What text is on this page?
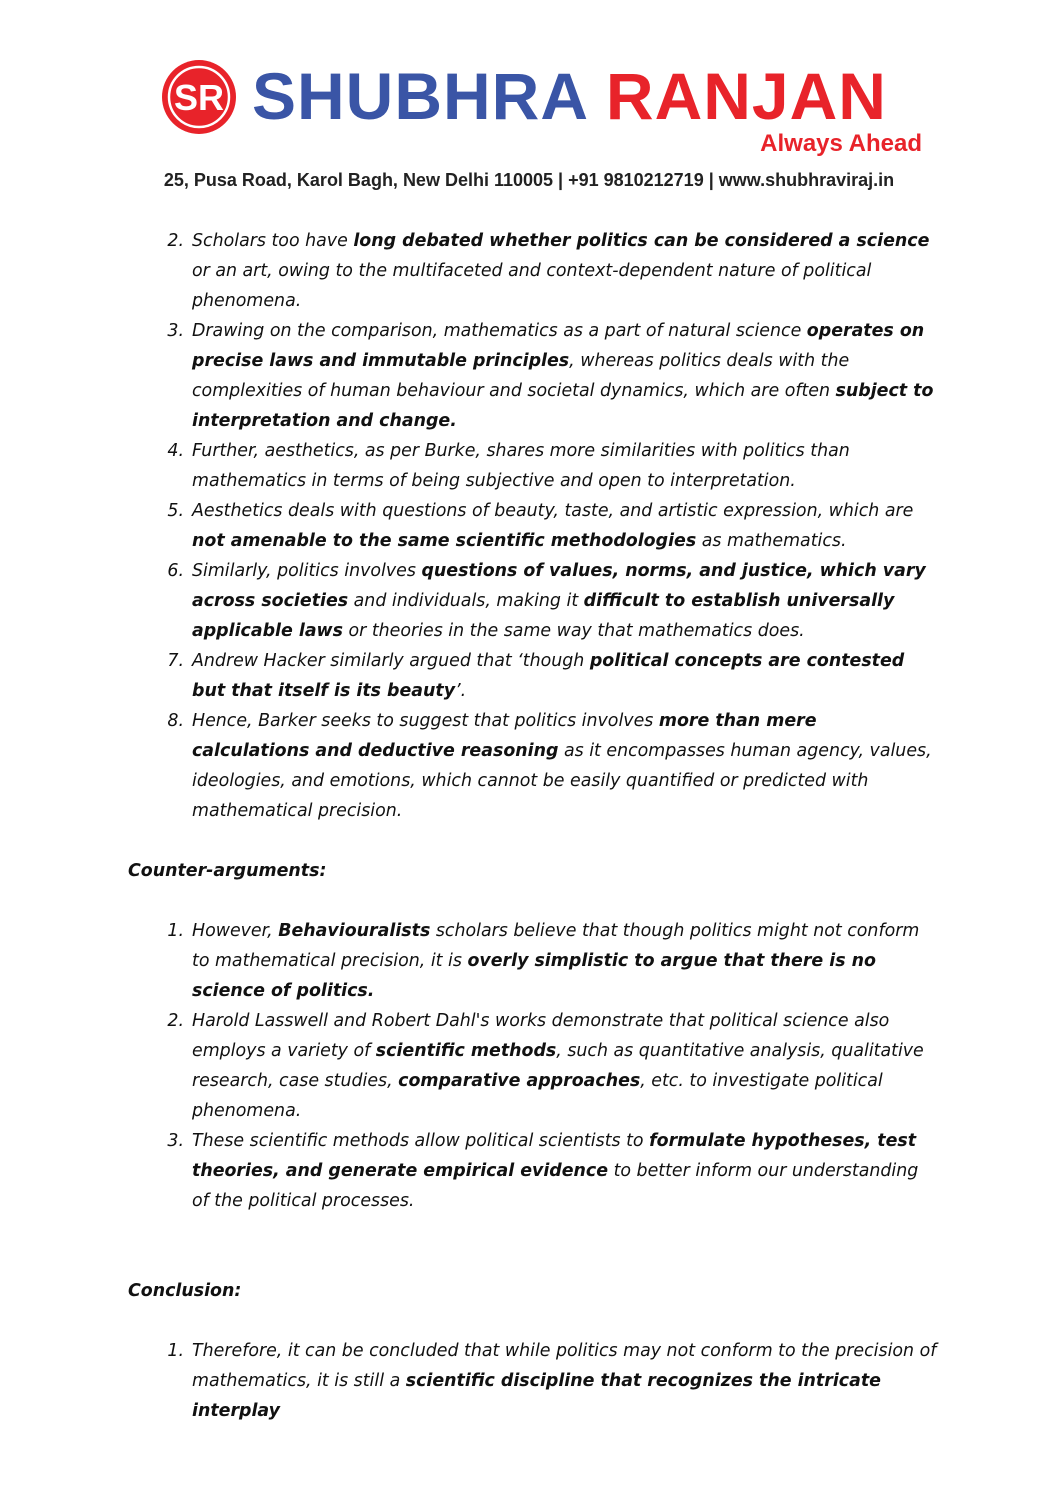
SR SHUBHRA RANJAN
Always Ahead
25, Pusa Road, Karol Bagh, New Delhi 110005 | +91 9810212719 | www.shubhraviraj.in
2. Scholars too have long debated whether politics can be considered a science or an art, owing to the multifaceted and context-dependent nature of political phenomena.
3. Drawing on the comparison, mathematics as a part of natural science operates on precise laws and immutable principles, whereas politics deals with the complexities of human behaviour and societal dynamics, which are often subject to interpretation and change.
4. Further, aesthetics, as per Burke, shares more similarities with politics than mathematics in terms of being subjective and open to interpretation.
5. Aesthetics deals with questions of beauty, taste, and artistic expression, which are not amenable to the same scientific methodologies as mathematics.
6. Similarly, politics involves questions of values, norms, and justice, which vary across societies and individuals, making it difficult to establish universally applicable laws or theories in the same way that mathematics does.
7. Andrew Hacker similarly argued that ‘though political concepts are contested but that itself is its beauty’.
8. Hence, Barker seeks to suggest that politics involves more than mere calculations and deductive reasoning as it encompasses human agency, values, ideologies, and emotions, which cannot be easily quantified or predicted with mathematical precision.

Counter-arguments:

1. However, Behaviouralists scholars believe that though politics might not conform to mathematical precision, it is overly simplistic to argue that there is no science of politics.
2. Harold Lasswell and Robert Dahl's works demonstrate that political science also employs a variety of scientific methods, such as quantitative analysis, qualitative research, case studies, comparative approaches, etc. to investigate political phenomena.
3. These scientific methods allow political scientists to formulate hypotheses, test theories, and generate empirical evidence to better inform our understanding of the political processes.

Conclusion:

1. Therefore, it can be concluded that while politics may not conform to the precision of mathematics, it is still a scientific discipline that recognizes the intricate interplay
